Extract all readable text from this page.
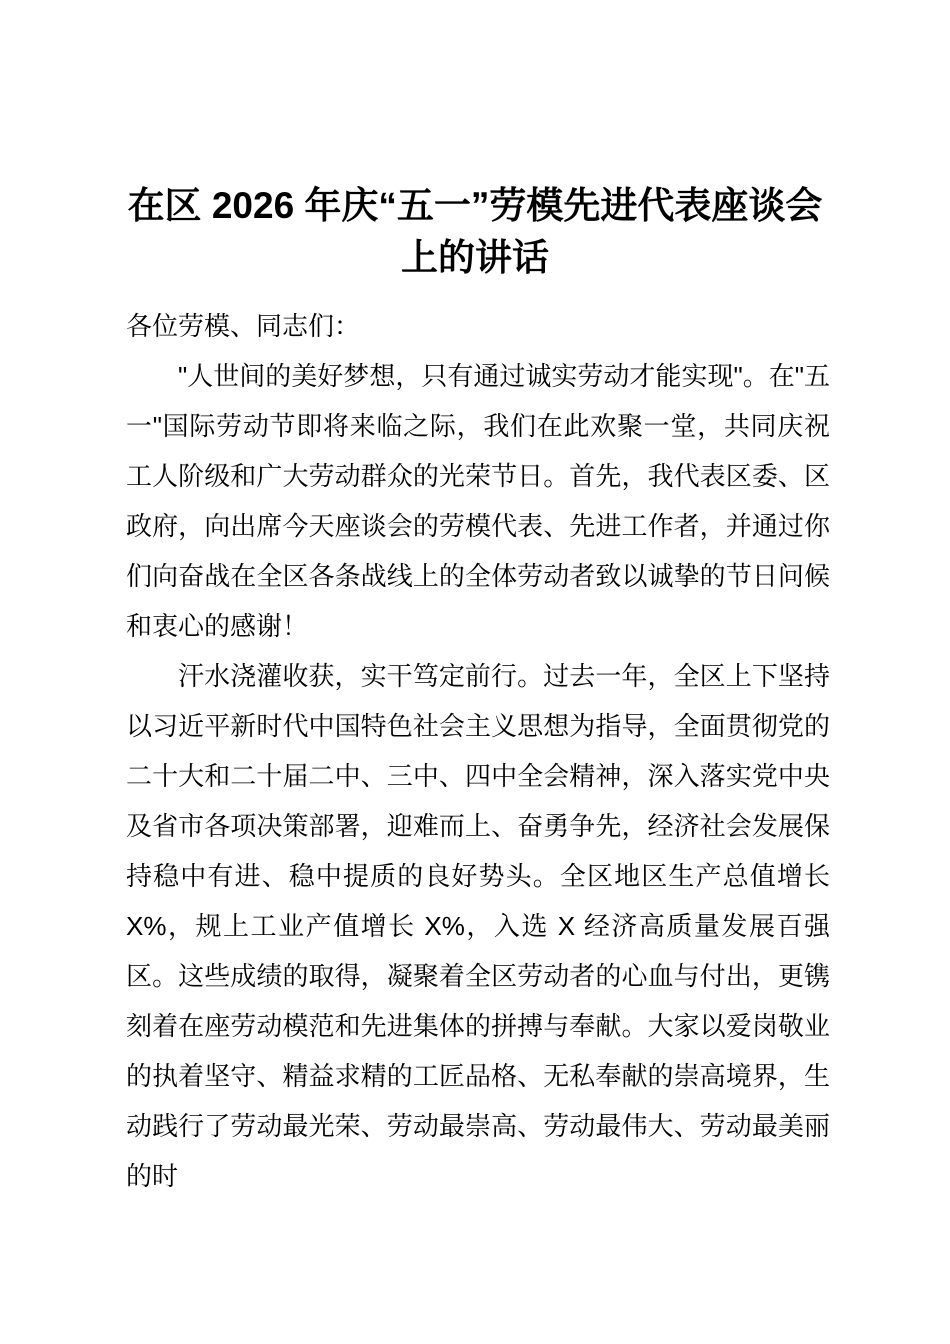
在区 2026 年庆“五一”劳模先进代表座谈会上的讲话

各位劳模、同志们：

"人世间的美好梦想，只有通过诚实劳动才能实现"。在"五一"国际劳动节即将来临之际，我们在此欢聚一堂，共同庆祝工人阶级和广大劳动群众的光荣节日。首先，我代表区委、区政府，向出席今天座谈会的劳模代表、先进工作者，并通过你们向奋战在全区各条战线上的全体劳动者致以诚挚的节日问候和衷心的感谢！

汗水浇灌收获，实干笃定前行。过去一年，全区上下坚持以习近平新时代中国特色社会主义思想为指导，全面贯彻党的二十大和二十届二中、三中、四中全会精神，深入落实党中央及省市各项决策部署，迎难而上、奋勇争先，经济社会发展保持稳中有进、稳中提质的良好势头。全区地区生产总值增长 X%，规上工业产值增长 X%，入选 X 经济高质量发展百强区。这些成绩的取得，凝聚着全区劳动者的心血与付出，更镌刻着在座劳动模范和先进集体的拼搏与奉献。大家以爱岗敬业的执着坚守、精益求精的工匠品格、无私奉献的崇高境界，生动践行了劳动最光荣、劳动最崇高、劳动最伟大、劳动最美丽的时
